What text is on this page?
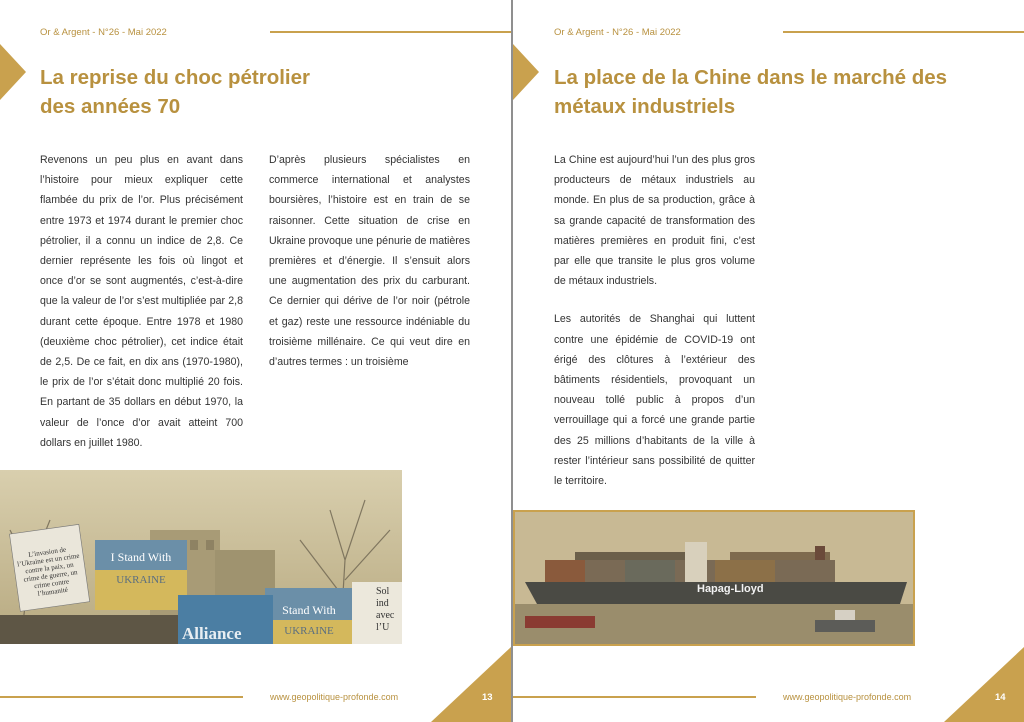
Or & Argent - N°26 - Mai 2022
La reprise du choc pétrolier
des années 70

Revenons un peu plus en avant dans l’histoire pour mieux expliquer cette flambée du prix de l’or. Plus précisément entre 1973 et 1974 durant le premier choc pétrolier, il a connu un indice de 2,8. Ce dernier représente les fois où lingot et once d’or se sont augmentés, c’est-à-dire que la valeur de l’or s’est multipliée par 2,8 durant cette époque. Entre 1978 et 1980 (deuxième choc pétrolier), cet indice était de 2,5. De ce fait, en dix ans (1970-1980), le prix de l’or s’était donc multiplié 20 fois. En partant de 35 dollars en début 1970, la valeur de l’once d’or avait atteint 700 dollars en juillet 1980.

D’après plusieurs spécialistes en commerce international et analystes boursières, l’histoire est en train de se raisonner. Cette situation de crise en Ukraine provoque une pénurie de matières premières et d’énergie. Il s’ensuit alors une augmentation des prix du carburant. Ce dernier qui dérive de l’or noir (pétrole et gaz) reste une ressource indéniable du troisième millénaire. Ce qui veut dire en d’autres termes : un troisième

L’invasion de l’Ukraine est un crime contre la paix, un crime de guerre, un crime contre l’humanité
I Stand With
UKRAINE
Stand With
UKRAINE
Alliance
Sol
ind
avec
l’U
www.geopolitique-profonde.com	13
Or & Argent - N°26 - Mai 2022
La place de la Chine dans le marché des
métaux industriels

La Chine est aujourd’hui l’un des plus gros producteurs de métaux industriels au monde. En plus de sa production, grâce à sa grande capacité de transformation des matières premières en produit fini, c’est par elle que transite le plus gros volume de métaux industriels.

Les autorités de Shanghai qui luttent contre une épidémie de COVID-19 ont érigé des clôtures à l’extérieur des bâtiments résidentiels, provoquant un nouveau tollé public à propos d’un verrouillage qui a forcé une grande partie des 25 millions d’habitants de la ville à rester l’intérieur sans possibilité de quitter le territoire.

Hapag-Lloyd
www.geopolitique-profonde.com	14
